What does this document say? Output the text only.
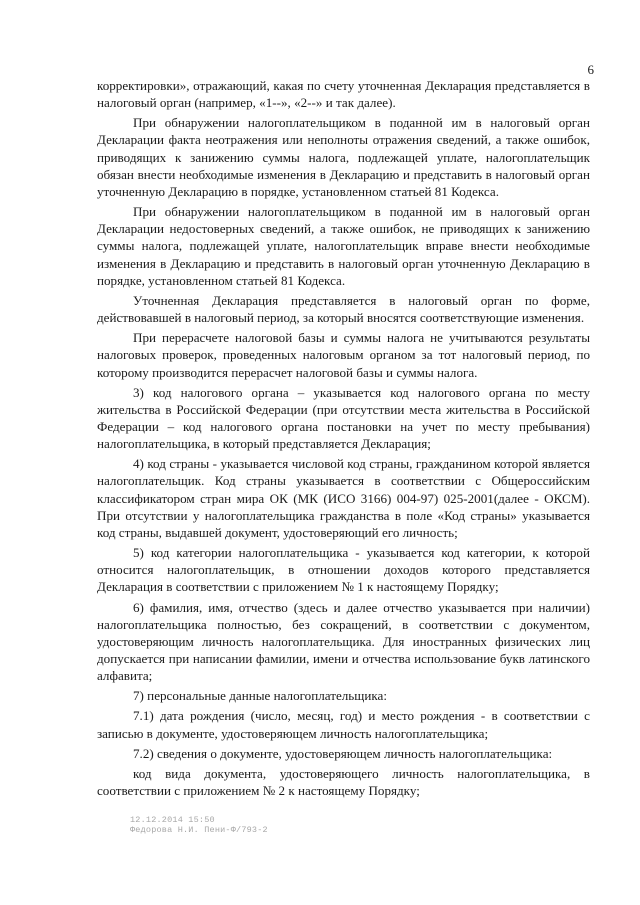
6

корректировки», отражающий, какая по счету уточненная Декларация представляется в налоговый орган (например, «1--», «2--» и так далее).

При обнаружении налогоплательщиком в поданной им в налоговый орган Декларации факта неотражения или неполноты отражения сведений, а также ошибок, приводящих к занижению суммы налога, подлежащей уплате, налогоплательщик обязан внести необходимые изменения в Декларацию и представить в налоговый орган уточненную Декларацию в порядке, установленном статьей 81 Кодекса.

При обнаружении налогоплательщиком в поданной им в налоговый орган Декларации недостоверных сведений, а также ошибок, не приводящих к занижению суммы налога, подлежащей уплате, налогоплательщик вправе внести необходимые изменения в Декларацию и представить в налоговый орган уточненную Декларацию в порядке, установленном статьей 81 Кодекса.

Уточненная Декларация представляется в налоговый орган по форме, действовавшей в налоговый период, за который вносятся соответствующие изменения.

При перерасчете налоговой базы и суммы налога не учитываются результаты налоговых проверок, проведенных налоговым органом за тот налоговый период, по которому производится перерасчет налоговой базы и суммы налога.

3) код налогового органа – указывается код налогового органа по месту жительства в Российской Федерации (при отсутствии места жительства в Российской Федерации – код налогового органа постановки на учет по месту пребывания) налогоплательщика, в который представляется Декларация;

4) код страны - указывается числовой код страны, гражданином которой является налогоплательщик. Код страны указывается в соответствии с Общероссийским классификатором стран мира ОК (МК (ИСО 3166) 004-97) 025-2001(далее - ОКСМ). При отсутствии у налогоплательщика гражданства в поле «Код страны» указывается код страны, выдавшей документ, удостоверяющий его личность;

5) код категории налогоплательщика - указывается код категории, к которой относится налогоплательщик, в отношении доходов которого представляется Декларация в соответствии с приложением № 1 к настоящему Порядку;

6) фамилия, имя, отчество (здесь и далее отчество указывается при наличии) налогоплательщика полностью, без сокращений, в соответствии с документом, удостоверяющим личность налогоплательщика. Для иностранных физических лиц допускается при написании фамилии, имени и отчества использование букв латинского алфавита;

7) персональные данные налогоплательщика:

7.1) дата рождения (число, месяц, год) и место рождения - в соответствии с записью в документе, удостоверяющем личность налогоплательщика;

7.2) сведения о документе, удостоверяющем личность налогоплательщика:

код вида документа, удостоверяющего личность налогоплательщика, в соответствии с приложением № 2 к настоящему Порядку;

12.12.2014 15:50
Федорова Н.И. Пени-Ф/793-2
